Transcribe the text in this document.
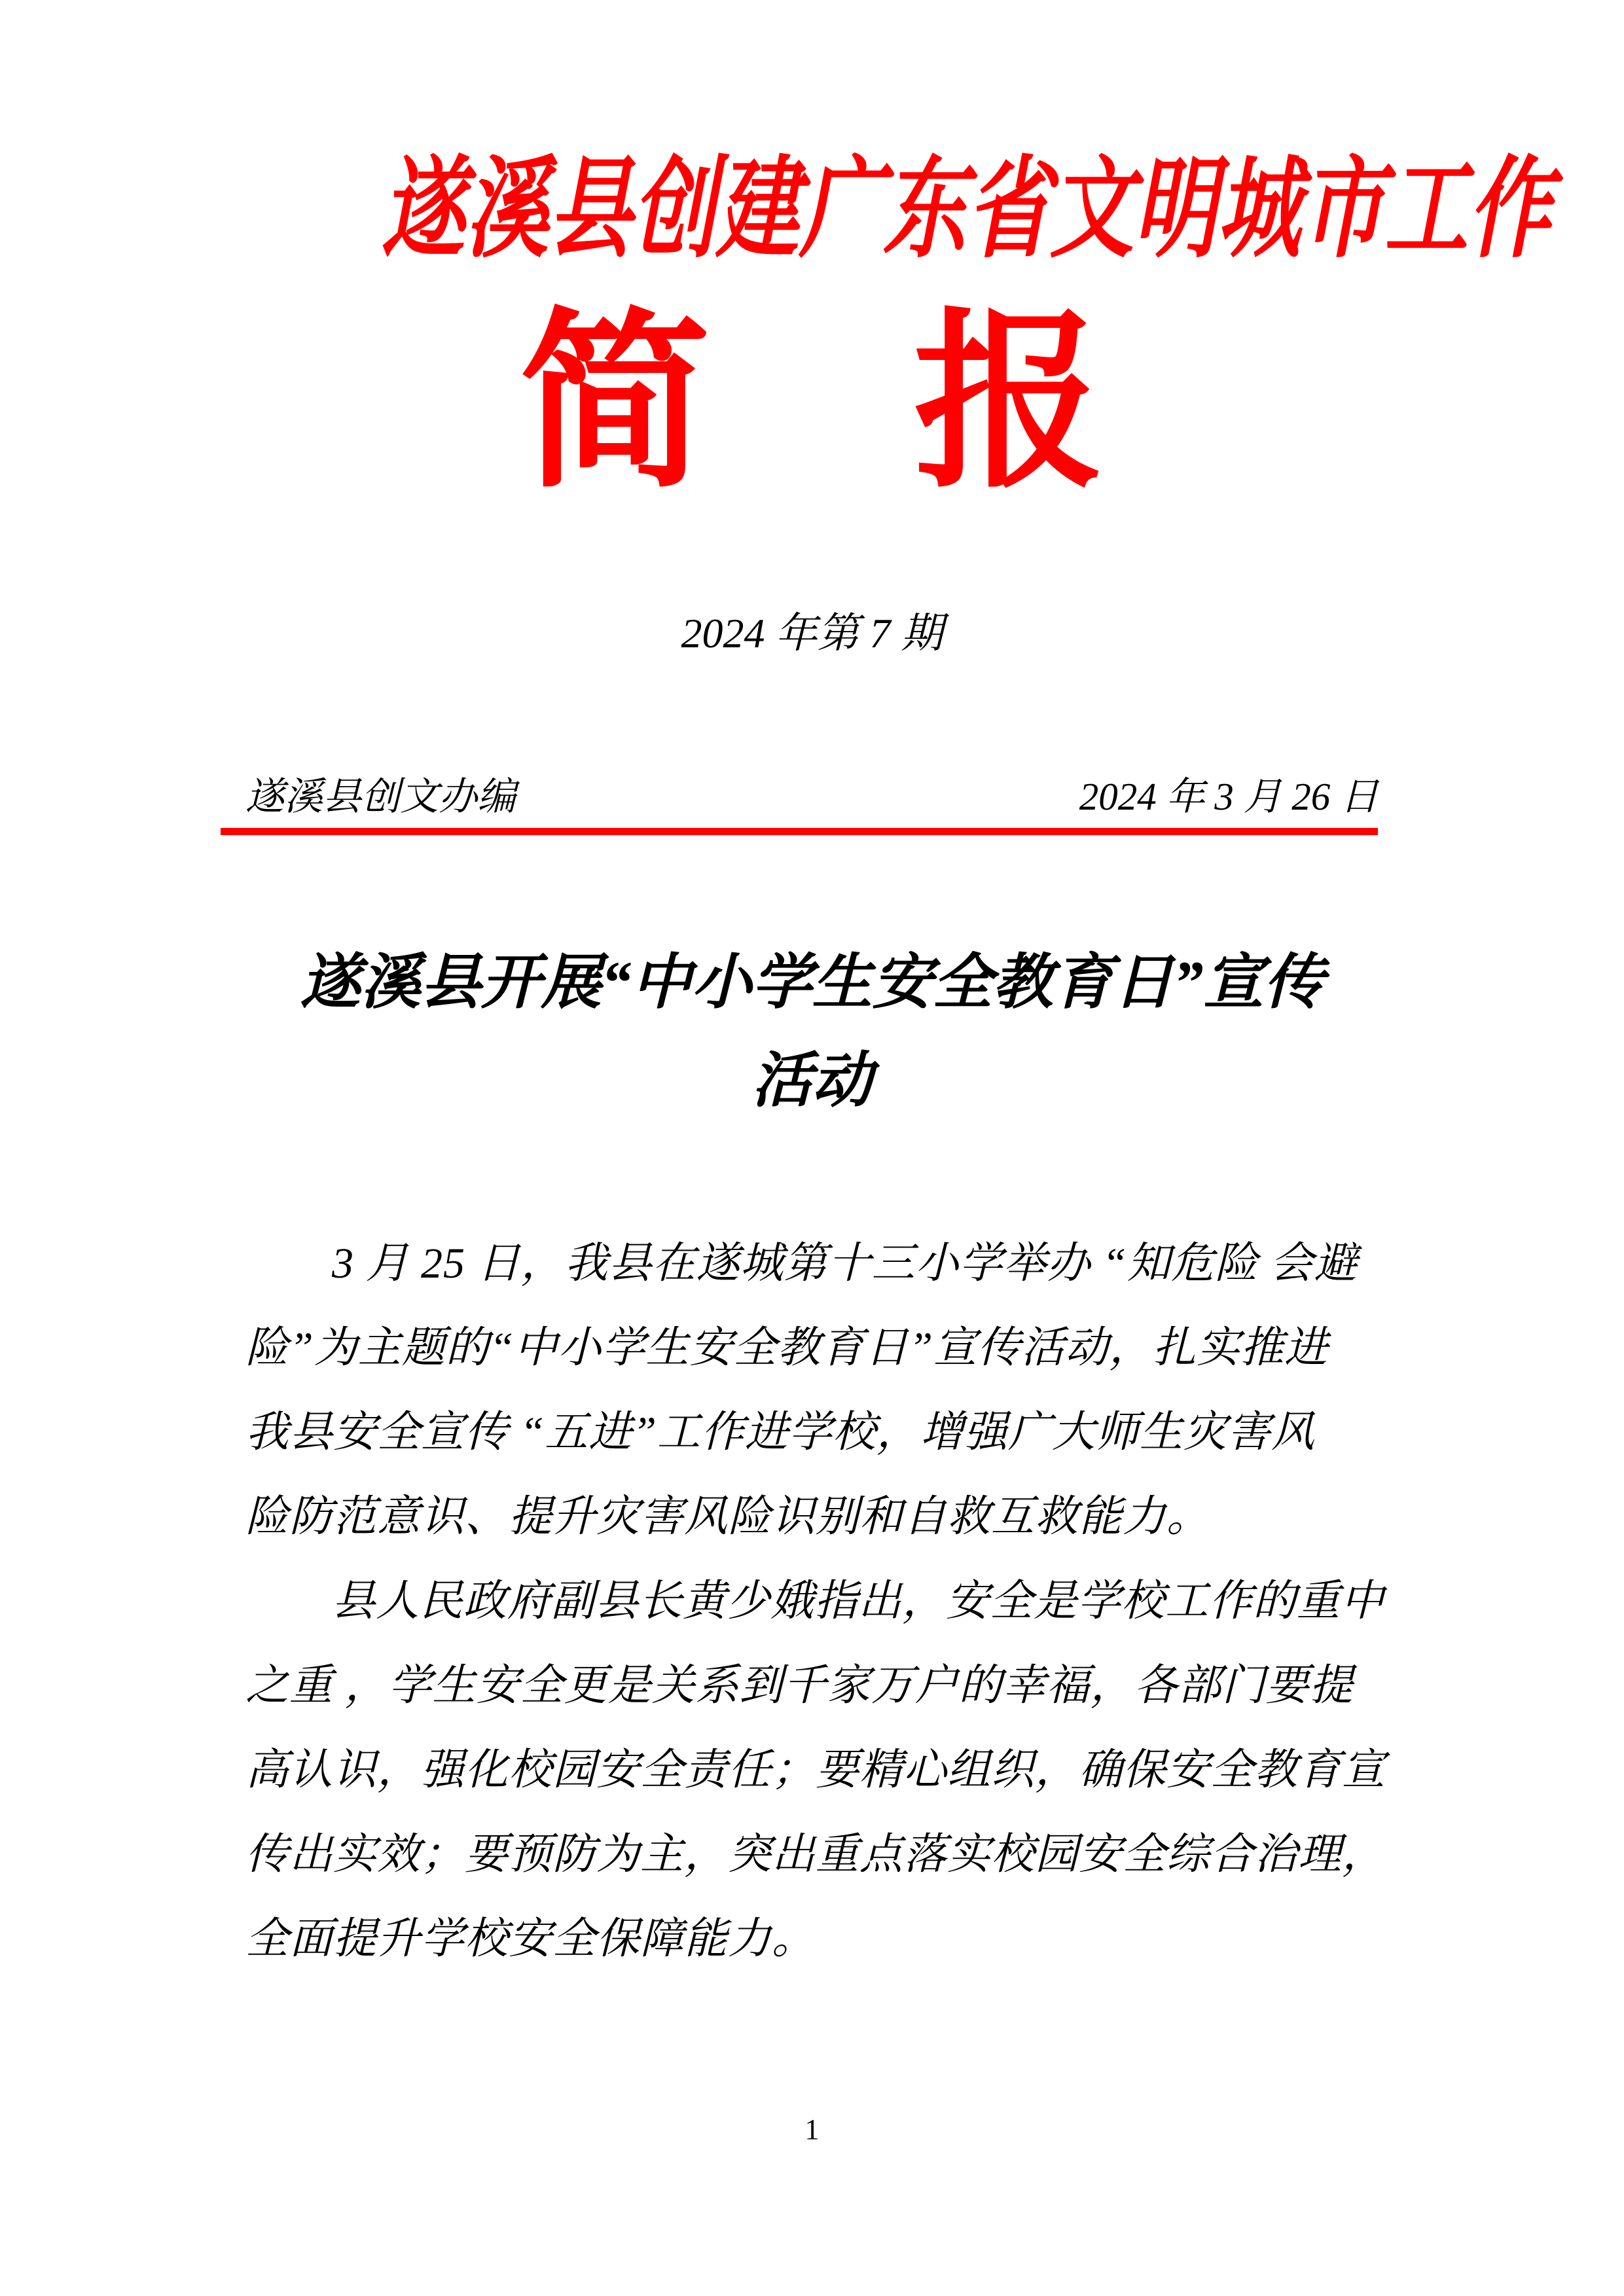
遂溪县创建广东省文明城市工作
简 报
2024 年第 7 期
遂溪县创文办编	2024 年 3 月 26 日
遂溪县开展“中小学生安全教育日”宣传
活动
3 月 25 日，我县在遂城第十三小学举办 “知危险 会避
险”为主题的“中小学生安全教育日”宣传活动，扎实推进
我县安全宣传 “五进”工作进学校，增强广大师生灾害风
险防范意识、提升灾害风险识别和自救互救能力。
县人民政府副县长黄少娥指出，安全是学校工作的重中
之重 ，学生安全更是关系到千家万户的幸福，各部门要提
高认识，强化校园安全责任；要精心组织，确保安全教育宣
传出实效；要预防为主，突出重点落实校园安全综合治理，
全面提升学校安全保障能力。
1
